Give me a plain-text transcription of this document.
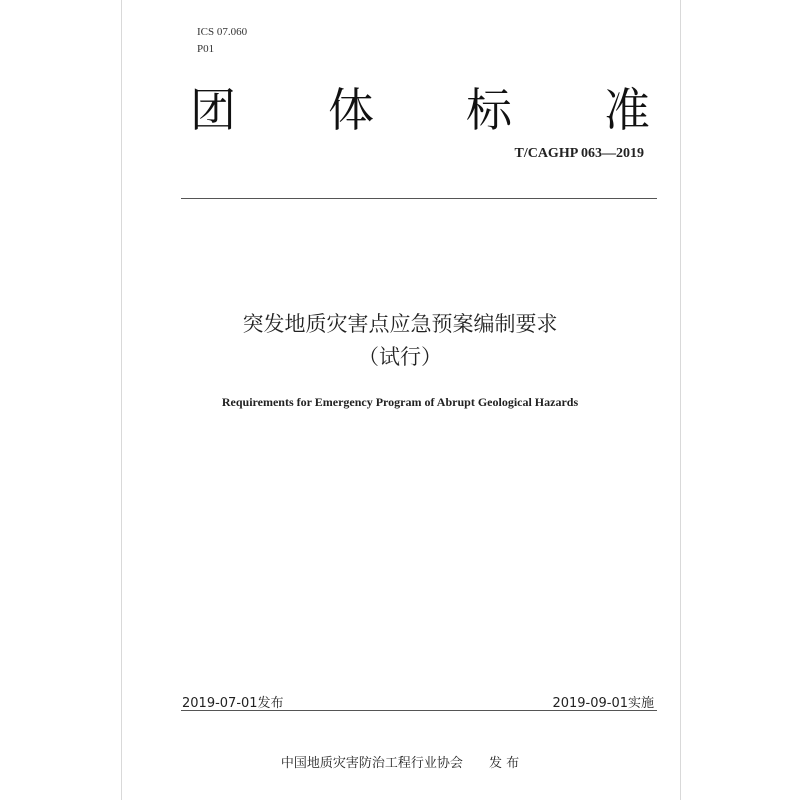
ICS 07.060
P01
团 体 标 准
T/CAGHP 063—2019
突发地质灾害点应急预案编制要求
（试行）
Requirements for Emergency Program of Abrupt Geological Hazards
2019-07-01发布	2019-09-01实施
中国地质灾害防治工程行业协会 发 布
